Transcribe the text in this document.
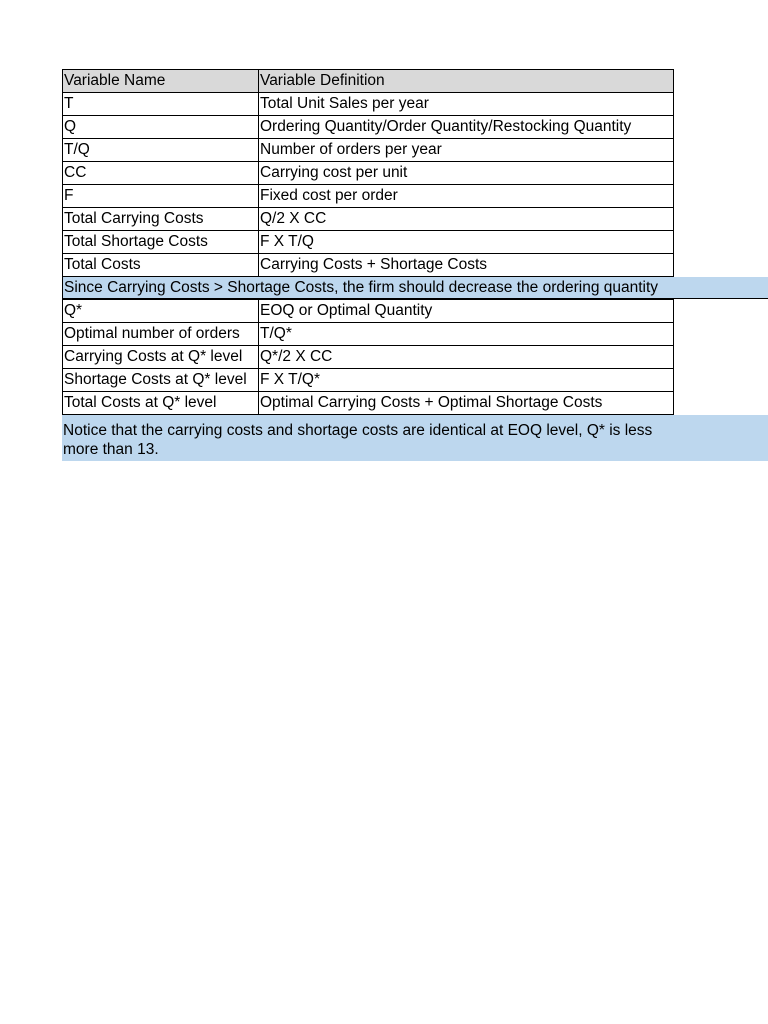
Variable Name	Variable Definition
T	Total Unit Sales per year
Q	Ordering Quantity/Order Quantity/Restocking Quantity
T/Q	Number of orders per year
CC	Carrying cost per unit
F	Fixed cost per order
Total Carrying Costs	Q/2 X CC
Total Shortage Costs	F X T/Q
Total Costs	Carrying Costs + Shortage Costs
Since Carrying Costs > Shortage Costs, the firm should decrease the ordering quantity
Q*	EOQ or Optimal Quantity
Optimal number of orders	T/Q*
Carrying Costs at Q* level	Q*/2 X CC
Shortage Costs at Q* level	F X T/Q*
Total Costs at Q* level	Optimal Carrying Costs + Optimal Shortage Costs
Notice that the carrying costs and shortage costs are identical at EOQ level, Q* is less more than 13.
